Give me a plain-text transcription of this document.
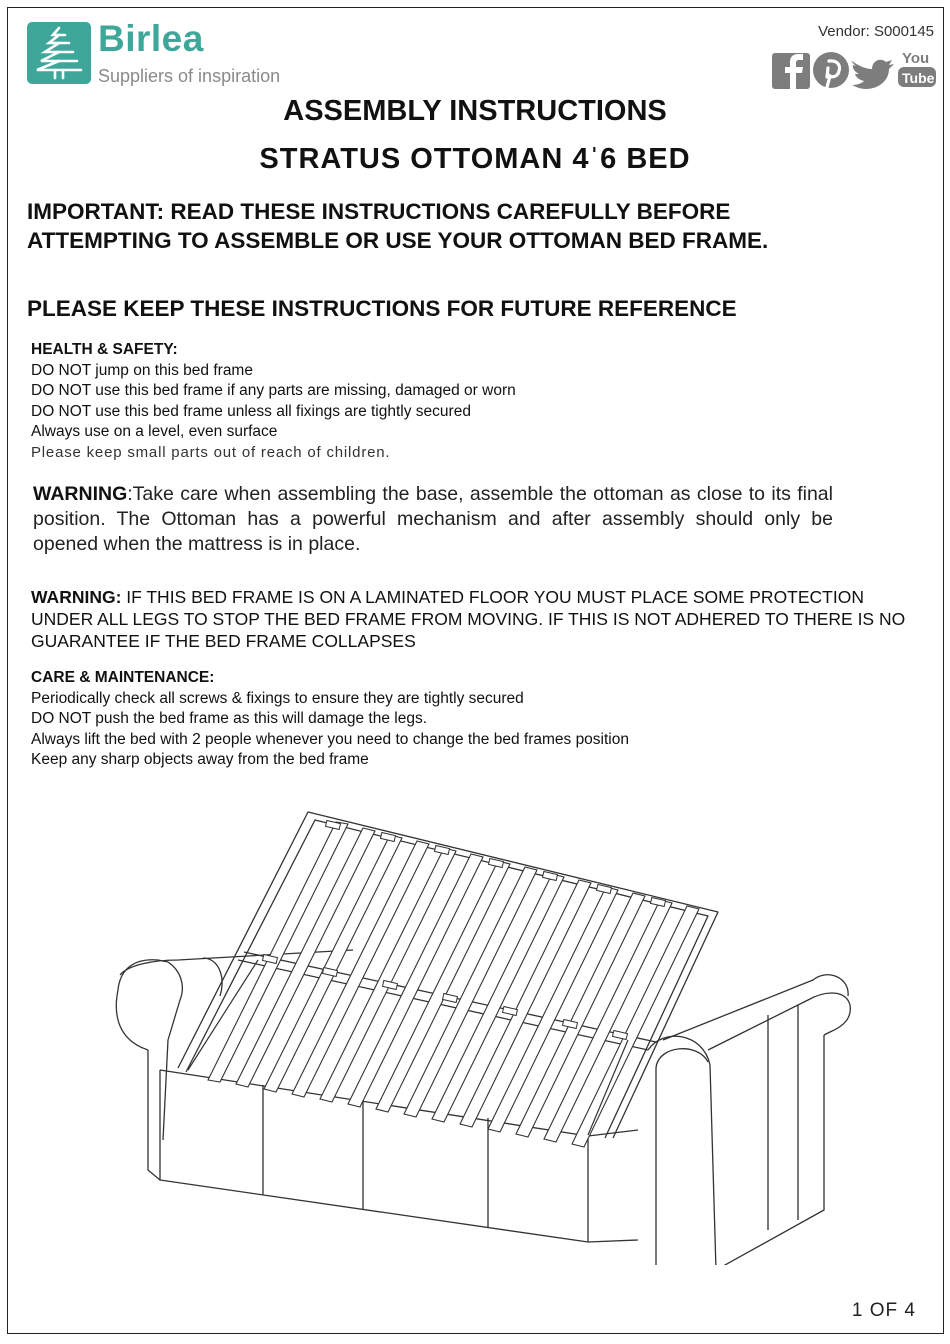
Birlea
Suppliers of inspiration
Vendor: S000145
You
Tube
ASSEMBLY INSTRUCTIONS
STRATUS OTTOMAN 4ˈ6 BED
IMPORTANT: READ THESE INSTRUCTIONS CAREFULLY BEFORE ATTEMPTING TO ASSEMBLE OR USE YOUR OTTOMAN BED FRAME.
PLEASE KEEP THESE INSTRUCTIONS FOR FUTURE REFERENCE
HEALTH & SAFETY:
DO NOT jump on this bed frame
DO NOT use this bed frame if any parts are missing, damaged or worn
DO NOT use this bed frame unless all fixings are tightly secured
Always use on a level, even surface
Please keep small parts out of reach of children.
WARNING:Take care when assembling the base, assemble the ottoman as close to its final position. The Ottoman has a powerful mechanism and after assembly should only be opened when the mattress is in place.
WARNING: IF THIS BED FRAME IS ON A LAMINATED FLOOR YOU MUST PLACE SOME PROTECTION UNDER ALL LEGS TO STOP THE BED FRAME FROM MOVING. IF THIS IS NOT ADHERED TO THERE IS NO GUARANTEE IF THE BED FRAME COLLAPSES
CARE & MAINTENANCE:
Periodically check all screws & fixings to ensure they are tightly secured
DO NOT push the bed frame as this will damage the legs.
Always lift the bed with 2 people whenever you need to change the bed frames position
Keep any sharp objects away from the bed frame
1 OF 4
